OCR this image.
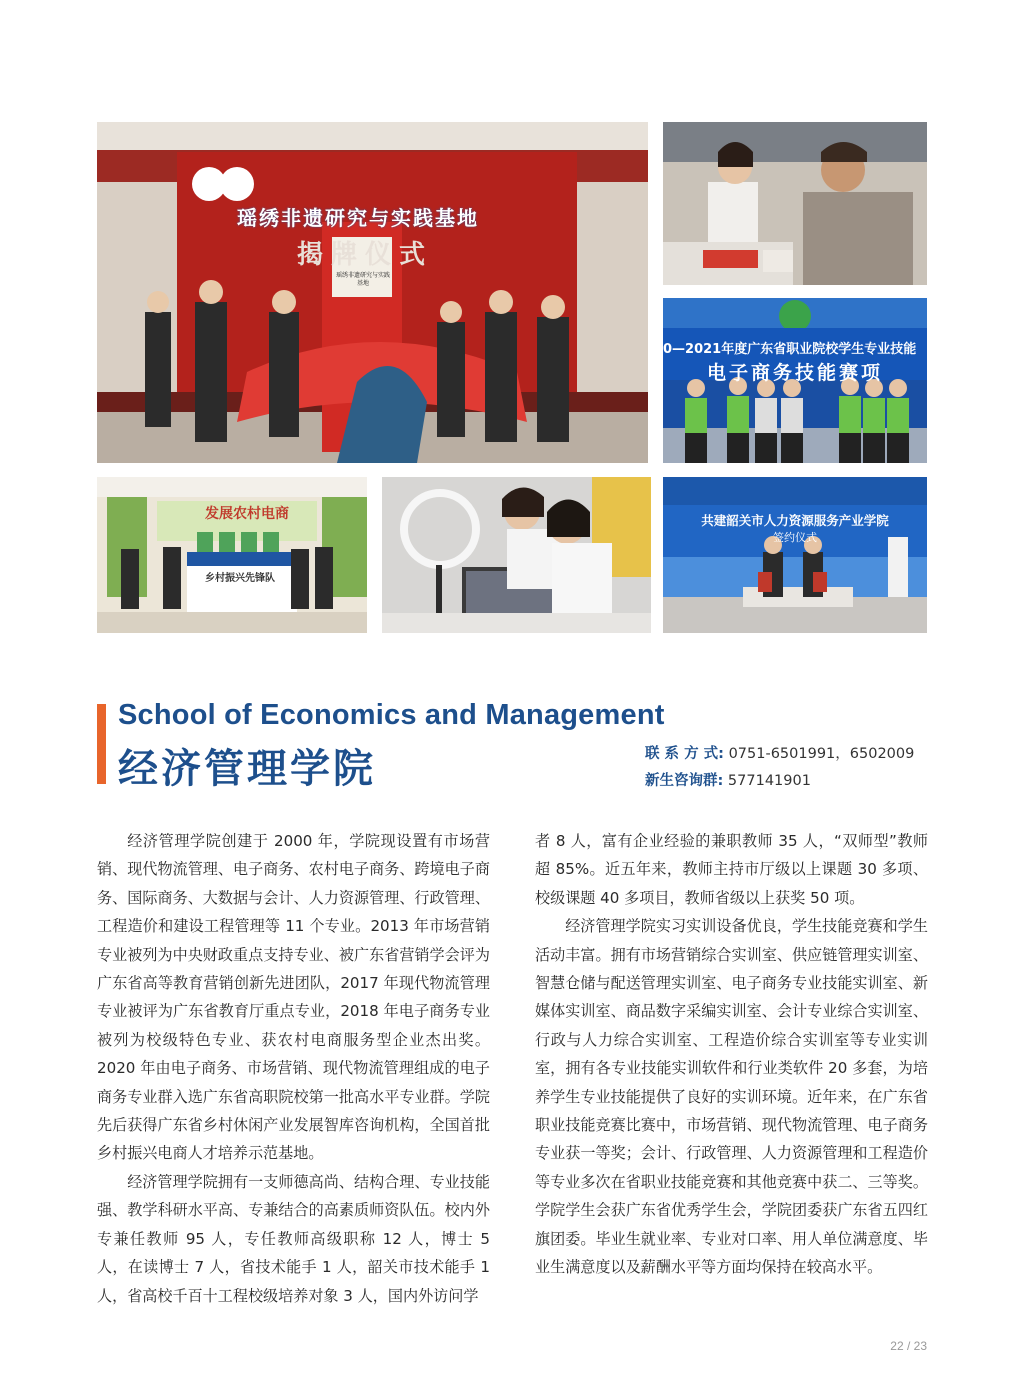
瑶绣非遗研究与实践基地
揭牌仪式
瑶绣非遗研究与实践基地
0—2021年度广东省职业院校学生专业技能
电子商务技能赛项
发展农村电商
乡村振兴先锋队
共建韶关市人力资源服务产业学院
签约仪式
School of Economics and Management
经济管理学院	联 系 方 式: 0751-6501991，6502009
新生咨询群: 577141901

经济管理学院创建于 2000 年，学院现设置有市场营销、现代物流管理、电子商务、农村电子商务、跨境电子商务、国际商务、大数据与会计、人力资源管理、行政管理、工程造价和建设工程管理等 11 个专业。2013 年市场营销专业被列为中央财政重点支持专业、被广东省营销学会评为广东省高等教育营销创新先进团队，2017 年现代物流管理专业被评为广东省教育厅重点专业，2018 年电子商务专业被列为校级特色专业、获农村电商服务型企业杰出奖。2020 年由电子商务、市场营销、现代物流管理组成的电子商务专业群入选广东省高职院校第一批高水平专业群。学院先后获得广东省乡村休闲产业发展智库咨询机构，全国首批乡村振兴电商人才培养示范基地。

经济管理学院拥有一支师德高尚、结构合理、专业技能强、教学科研水平高、专兼结合的高素质师资队伍。校内外专兼任教师 95 人，专任教师高级职称 12 人，博士 5 人，在读博士 7 人，省技术能手 1 人，韶关市技术能手 1 人，省高校千百十工程校级培养对象 3 人，国内外访问学

者 8 人，富有企业经验的兼职教师 35 人，“双师型”教师超 85%。近五年来，教师主持市厅级以上课题 30 多项、校级课题 40 多项目，教师省级以上获奖 50 项。

经济管理学院实习实训设备优良，学生技能竞赛和学生活动丰富。拥有市场营销综合实训室、供应链管理实训室、智慧仓储与配送管理实训室、电子商务专业技能实训室、新媒体实训室、商品数字采编实训室、会计专业综合实训室、行政与人力综合实训室、工程造价综合实训室等专业实训室，拥有各专业技能实训软件和行业类软件 20 多套，为培养学生专业技能提供了良好的实训环境。近年来，在广东省职业技能竞赛比赛中，市场营销、现代物流管理、电子商务专业获一等奖；会计、行政管理、人力资源管理和工程造价等专业多次在省职业技能竞赛和其他竞赛中获二、三等奖。学院学生会获广东省优秀学生会，学院团委获广东省五四红旗团委。毕业生就业率、专业对口率、用人单位满意度、毕业生满意度以及薪酬水平等方面均保持在较高水平。

22 / 23
